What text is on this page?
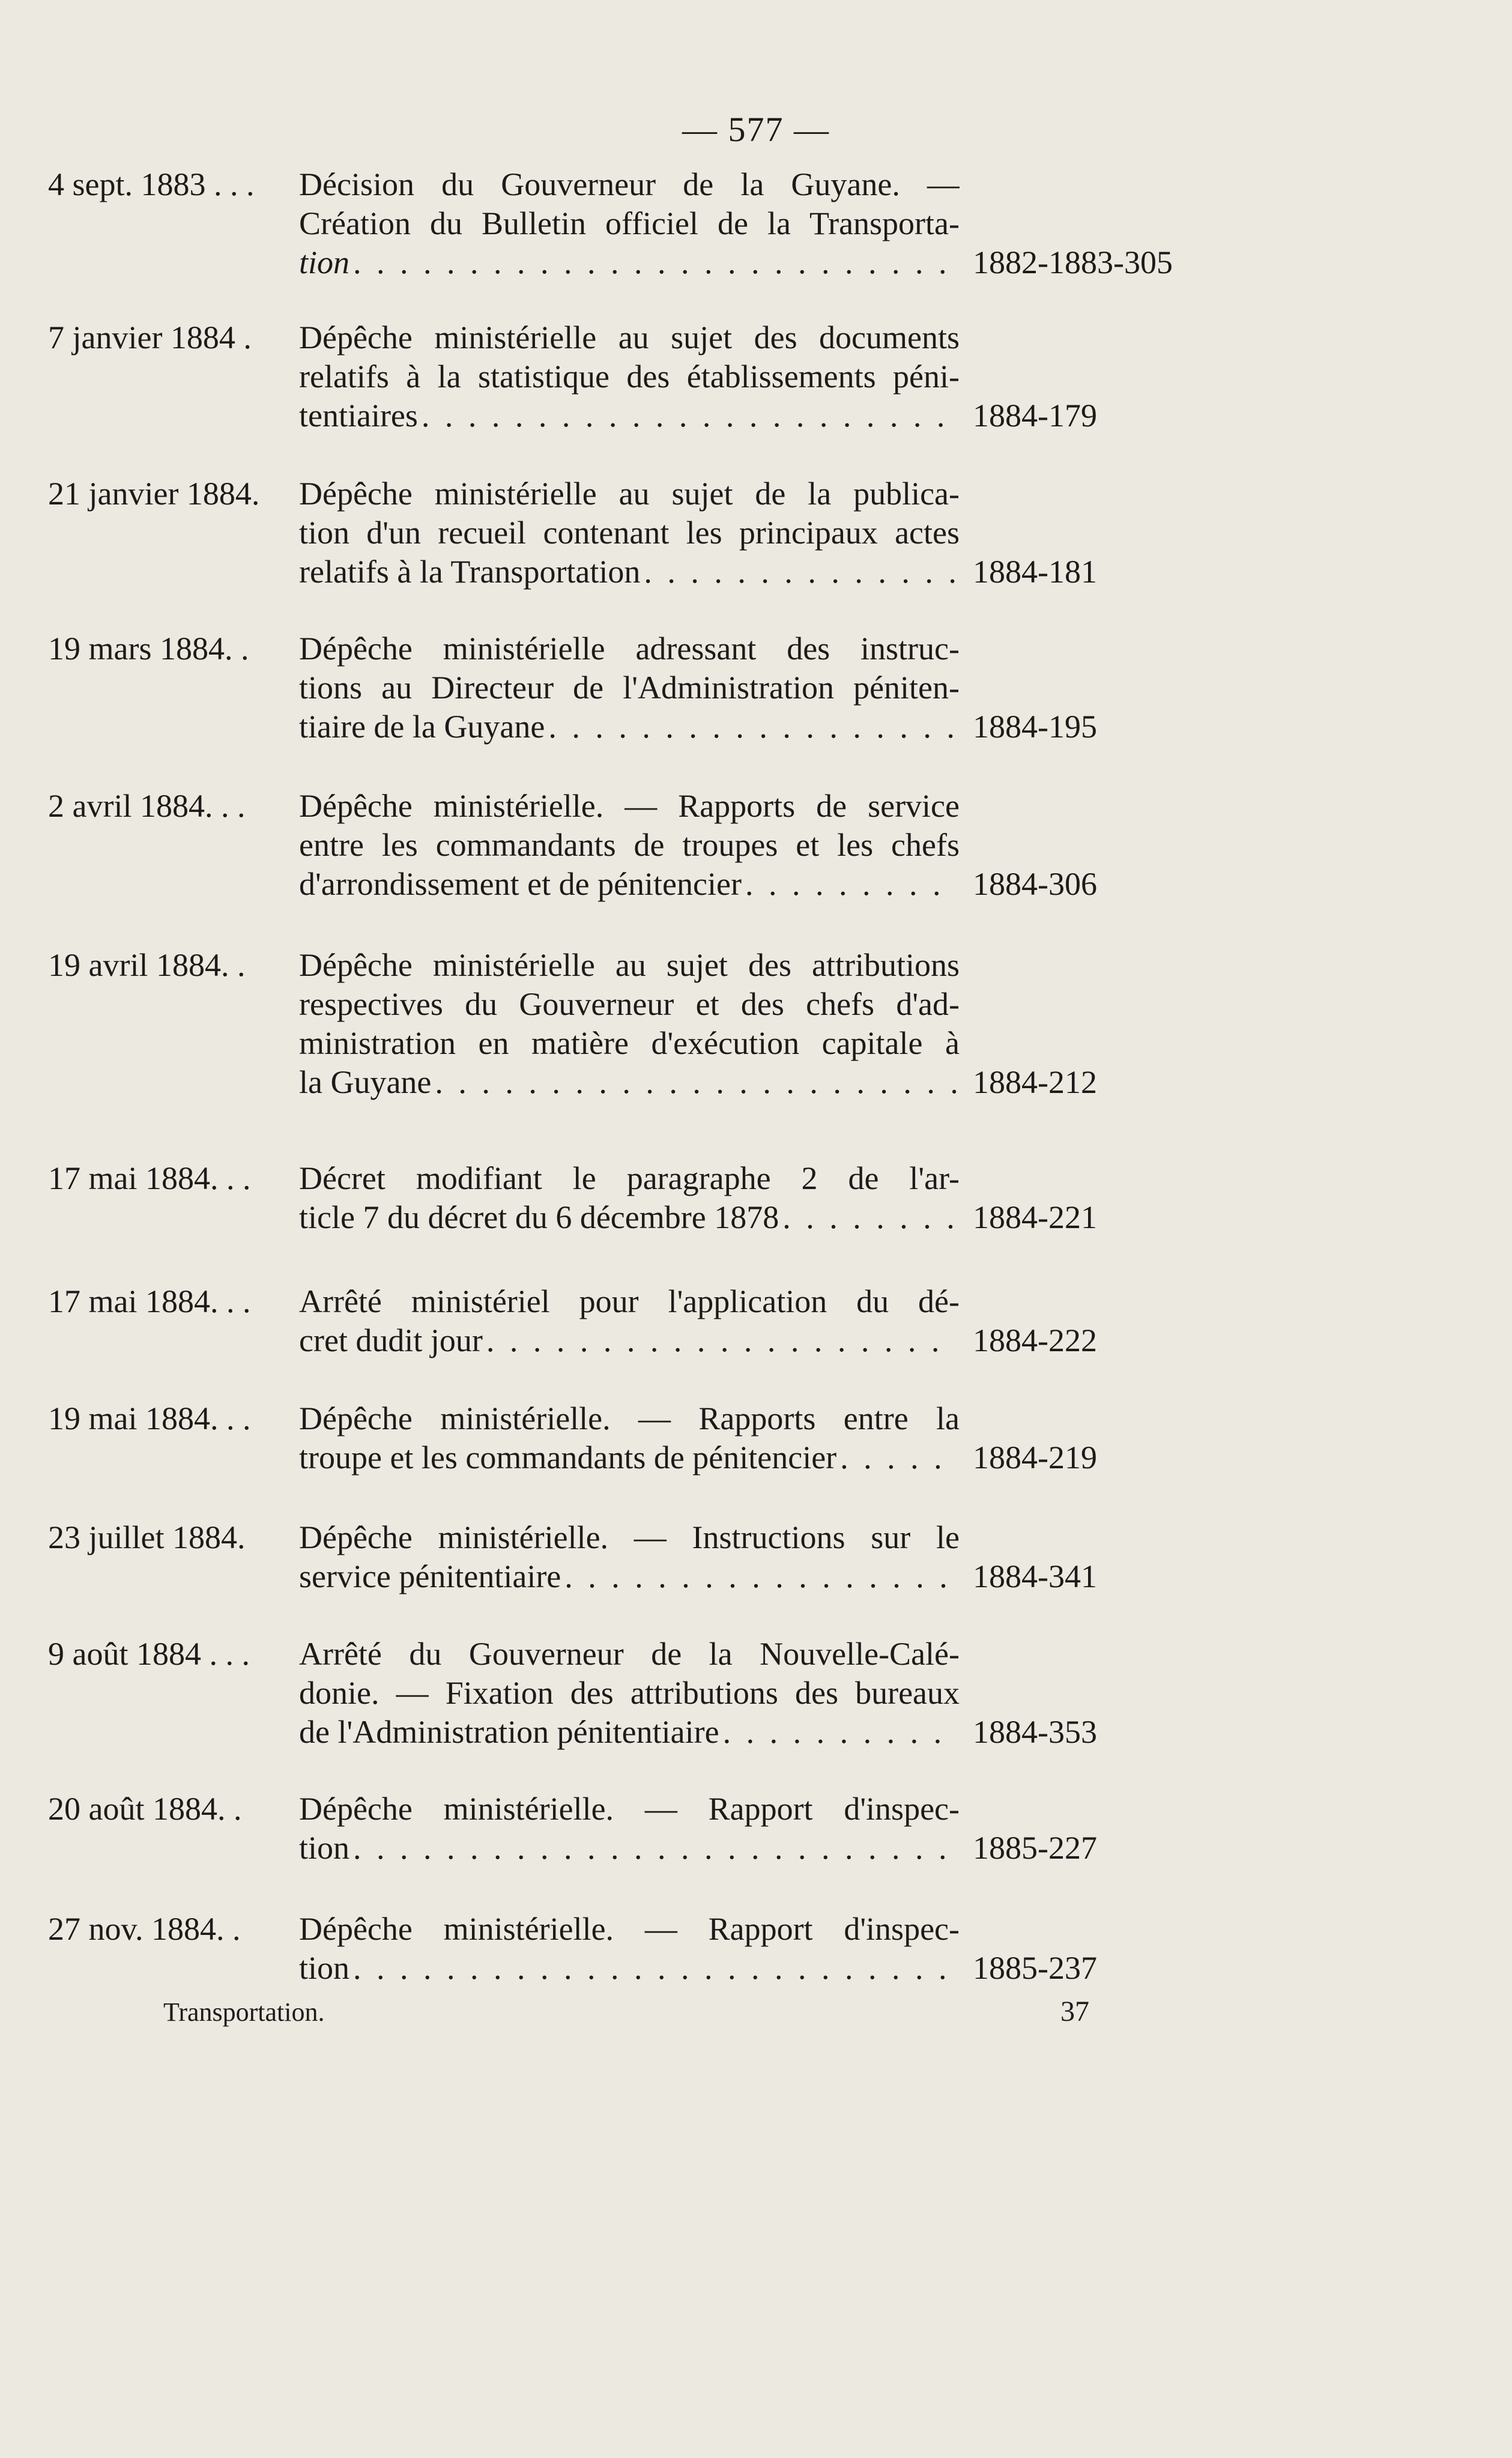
— 577 —
4 sept. 1883 . . . Décision du Gouverneur de la Guyane. —
Création du Bulletin officiel de la Transporta-
tion . . .	1882-1883-305
7 janvier 1884 . Dépêche ministérielle au sujet des documents
relatifs à la statistique des établissements péni-
tentiaires . . .	1884-179
21 janvier 1884. Dépêche ministérielle au sujet de la publica-
tion d'un recueil contenant les principaux actes
relatifs à la Transportation . . .	1884-181
19 mars 1884. . Dépêche ministérielle adressant des instruc-
tions au Directeur de l'Administration péniten-
tiaire de la Guyane . . .	1884-195
2 avril 1884. . . Dépêche ministérielle. — Rapports de service
entre les commandants de troupes et les chefs
d'arrondissement et de pénitencier . . .	1884-306
19 avril 1884. . Dépêche ministérielle au sujet des attributions
respectives du Gouverneur et des chefs d'ad-
ministration en matière d'exécution capitale à
la Guyane . . .	1884-212
17 mai 1884. . . Décret modifiant le paragraphe 2 de l'ar-
ticle 7 du décret du 6 décembre 1878 . . .	1884-221
17 mai 1884. . . Arrêté ministériel pour l'application du dé-
cret dudit jour . . .	1884-222
19 mai 1884. . . Dépêche ministérielle. — Rapports entre la
troupe et les commandants de pénitencier . . .	1884-219
23 juillet 1884. Dépêche ministérielle. — Instructions sur le
service pénitentiaire . . .	1884-341
9 août 1884 . . . Arrêté du Gouverneur de la Nouvelle-Calé-
donie. — Fixation des attributions des bureaux
de l'Administration pénitentiaire . . .	1884-353
20 août 1884. . Dépêche ministérielle. — Rapport d'inspec-
tion . . .	1885-227
27 nov. 1884. . Dépêche ministérielle. — Rapport d'inspec-
tion . . .	1885-237
Transportation.	37
